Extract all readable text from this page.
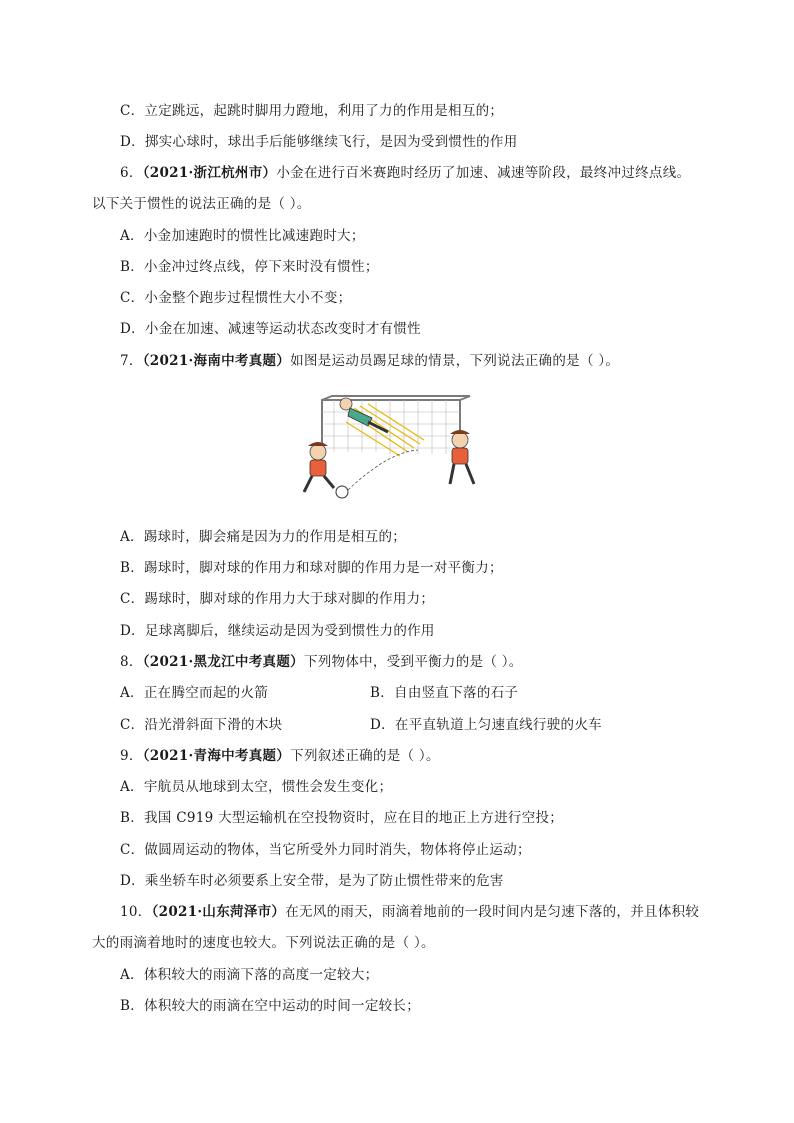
C．立定跳远，起跳时脚用力蹬地，利用了力的作用是相互的；
D．掷实心球时，球出手后能够继续飞行，是因为受到惯性的作用
6．（2021·浙江杭州市）小金在进行百米赛跑时经历了加速、减速等阶段，最终冲过终点线。
以下关于惯性的说法正确的是（ ）。
A．小金加速跑时的惯性比减速跑时大；
B．小金冲过终点线，停下来时没有惯性；
C．小金整个跑步过程惯性大小不变；
D．小金在加速、减速等运动状态改变时才有惯性
7．（2021·海南中考真题）如图是运动员踢足球的情景，下列说法正确的是（ ）。
A．踢球时，脚会痛是因为力的作用是相互的；
B．踢球时，脚对球的作用力和球对脚的作用力是一对平衡力；
C．踢球时，脚对球的作用力大于球对脚的作用力；
D．足球离脚后，继续运动是因为受到惯性力的作用
8．（2021·黑龙江中考真题）下列物体中，受到平衡力的是（ ）。
A．正在腾空而起的火箭	B．自由竖直下落的石子
C．沿光滑斜面下滑的木块	D．在平直轨道上匀速直线行驶的火车
9．（2021·青海中考真题）下列叙述正确的是（ ）。
A．宇航员从地球到太空，惯性会发生变化；
B．我国 C919 大型运输机在空投物资时，应在目的地正上方进行空投；
C．做圆周运动的物体，当它所受外力同时消失，物体将停止运动；
D．乘坐轿车时必须要系上安全带，是为了防止惯性带来的危害
10．（2021·山东菏泽市）在无风的雨天，雨滴着地前的一段时间内是匀速下落的，并且体积较
大的雨滴着地时的速度也较大。下列说法正确的是（ ）。
A．体积较大的雨滴下落的高度一定较大；
B．体积较大的雨滴在空中运动的时间一定较长；
